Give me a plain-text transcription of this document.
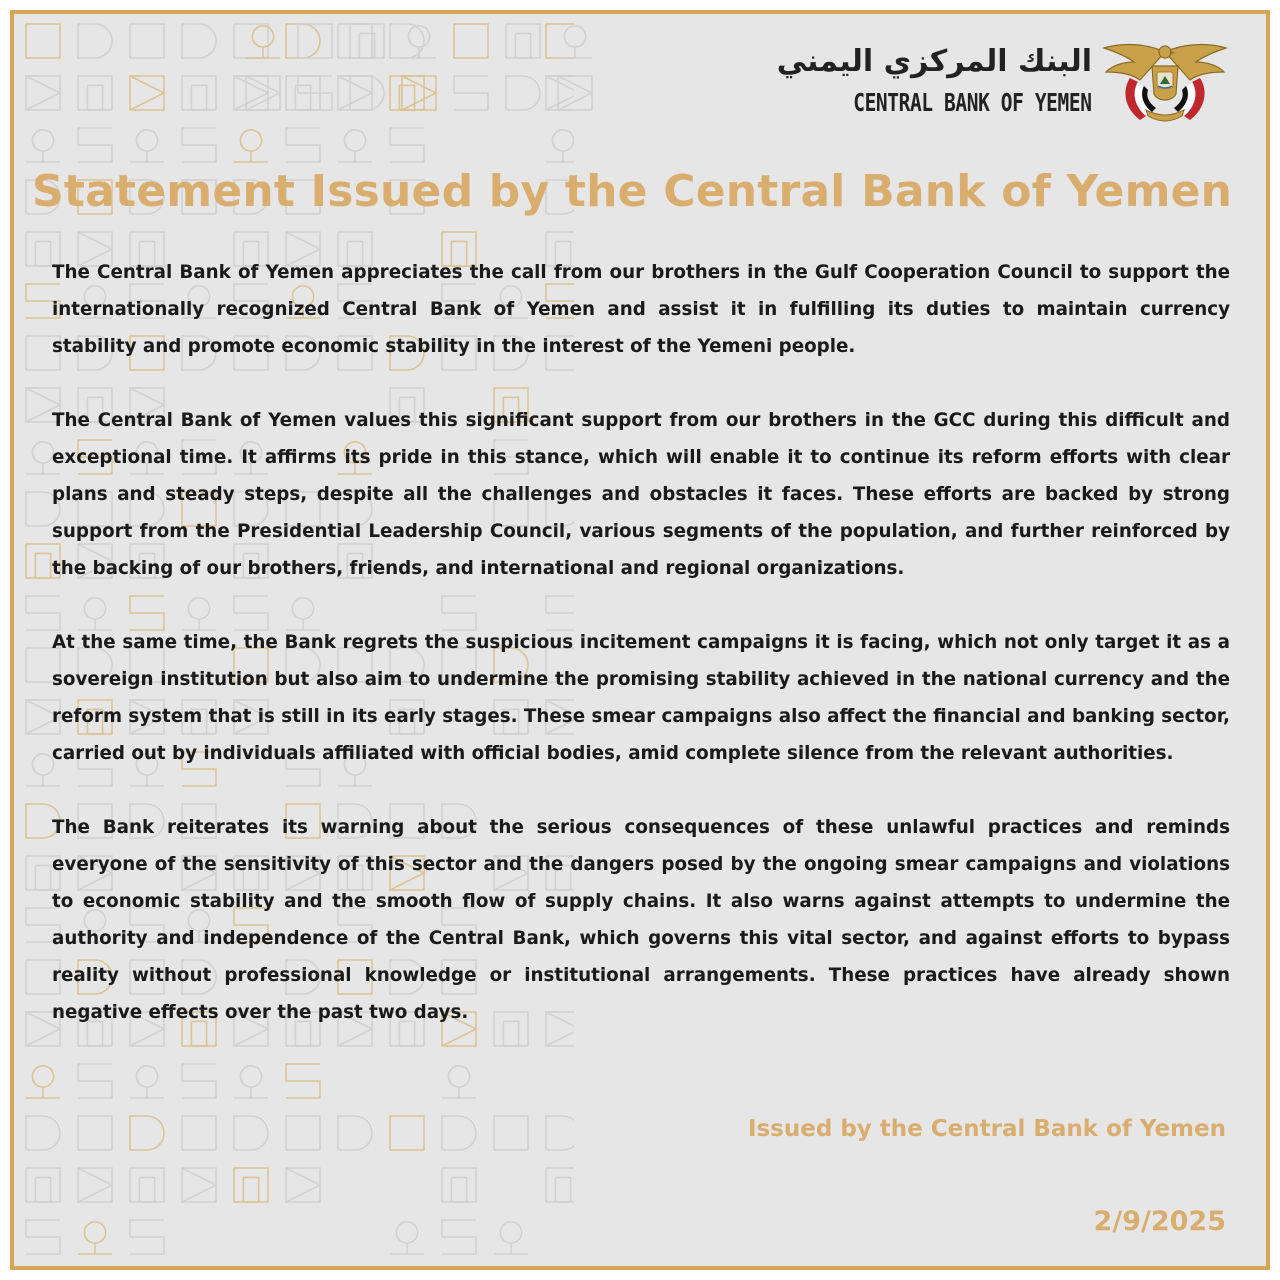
البنك المركزي اليمني
CENTRAL BANK OF YEMEN
Statement Issued by the Central Bank of Yemen

The Central Bank of Yemen appreciates the call from our brothers in the Gulf Cooperation Council to support the internationally recognized Central Bank of Yemen and assist it in fulfilling its duties to maintain currency stability and promote economic stability in the interest of the Yemeni people.

The Central Bank of Yemen values this significant support from our brothers in the GCC during this difficult and exceptional time. It affirms its pride in this stance, which will enable it to continue its reform efforts with clear plans and steady steps, despite all the challenges and obstacles it faces. These efforts are backed by strong support from the Presidential Leadership Council, various segments of the population, and further reinforced by the backing of our brothers, friends, and international and regional organizations.

At the same time, the Bank regrets the suspicious incitement campaigns it is facing, which not only target it as a sovereign institution but also aim to undermine the promising stability achieved in the national currency and the reform system that is still in its early stages. These smear campaigns also affect the financial and banking sector, carried out by individuals affiliated with official bodies, amid complete silence from the relevant authorities.

The Bank reiterates its warning about the serious consequences of these unlawful practices and reminds everyone of the sensitivity of this sector and the dangers posed by the ongoing smear campaigns and violations to economic stability and the smooth flow of supply chains. It also warns against attempts to undermine the authority and independence of the Central Bank, which governs this vital sector, and against efforts to bypass reality without professional knowledge or institutional arrangements. These practices have already shown negative effects over the past two days.

Issued by the Central Bank of Yemen
2/9/2025
